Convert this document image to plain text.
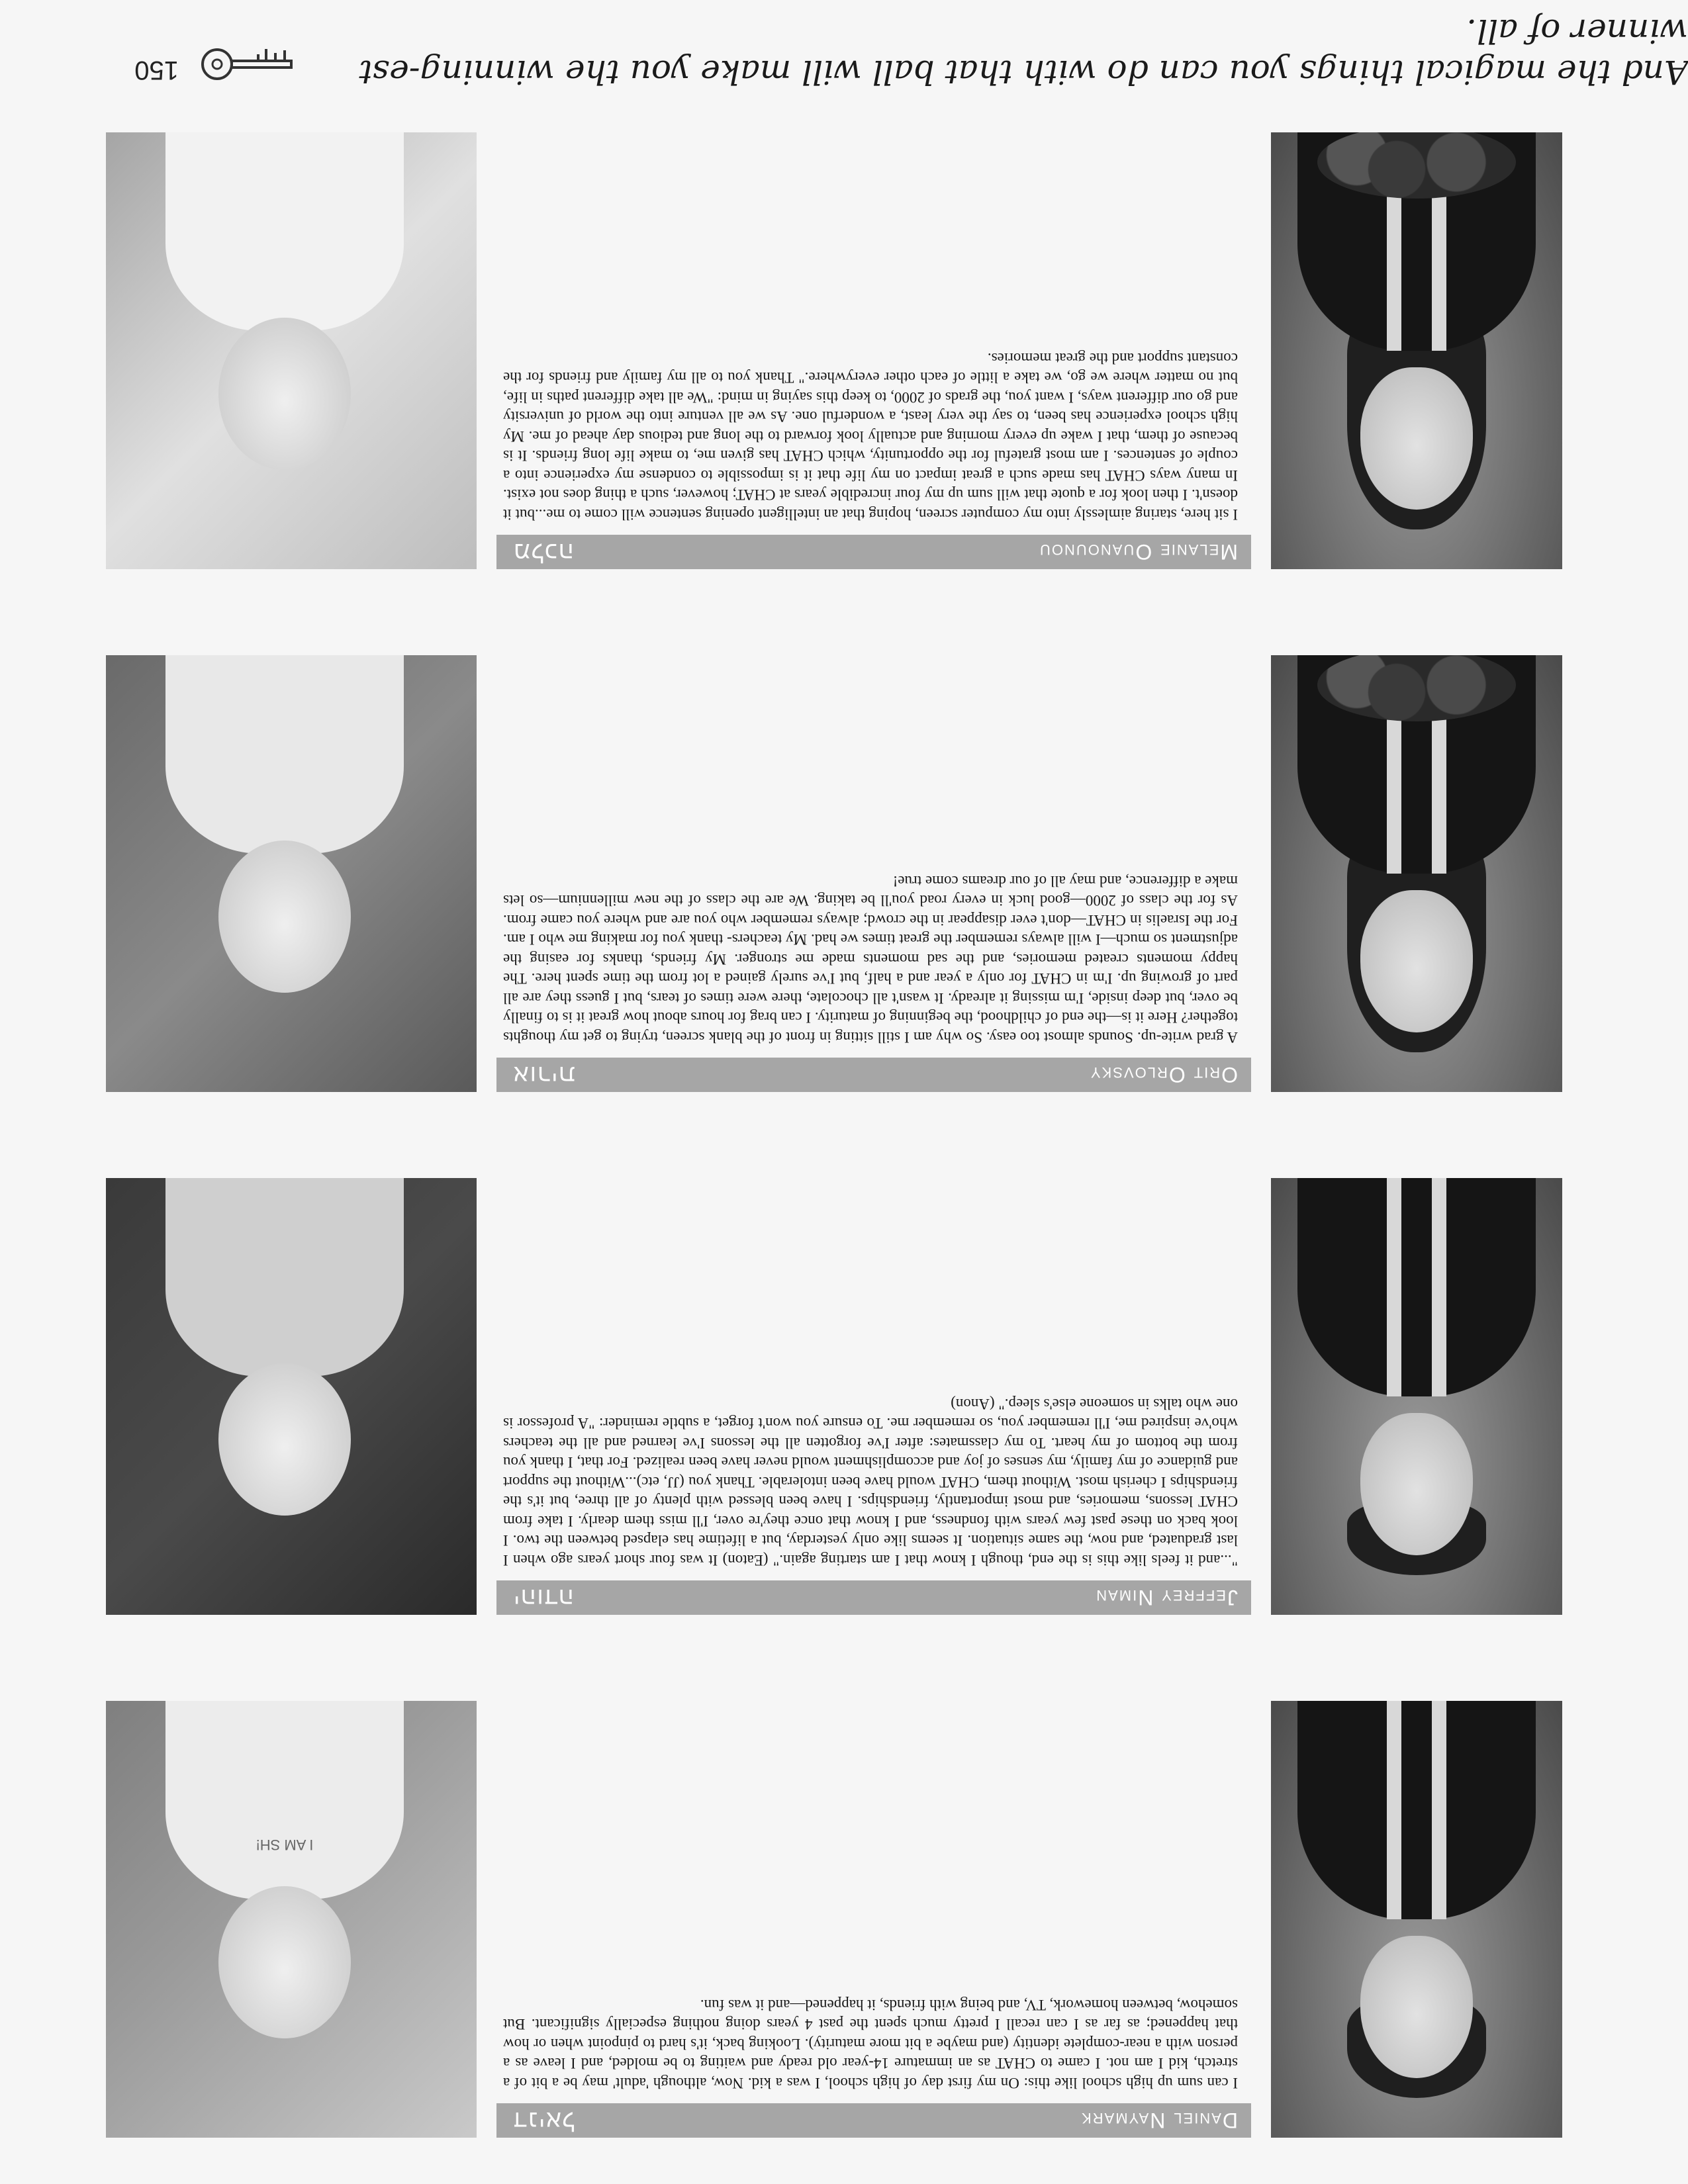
Daniel Naymark
דניאל

I can sum up high school like this: On my first day of high school, I was a kid. Now, although 'adult' may be a bit of a stretch, kid I am not. I came to CHAT as an immature 14-year old ready and waiting to be molded, and I leave as a person with a near-complete identity (and maybe a bit more maturity). Looking back, it's hard to pinpoint when or how that happened; as far as I can recall I pretty much spent the past 4 years doing nothing especially significant. But somehow, between homework, TV, and being with friends, it happened—and it was fun.

I AM SH!
Jeffrey Niman
יהודה

"...and it feels like this is the end, though I know that I am starting again." (Eaton) It was four short years ago when I last graduated, and now, the same situation. It seems like only yesterday, but a lifetime has elapsed between the two. I look back on these past few years with fondness, and I know that once they're over, I'll miss them dearly. I take from CHAT lessons, memories, and most importantly, friendships. I have been blessed with plenty of all three, but it's the friendships I cherish most. Without them, CHAT would have been intolerable. Thank you (JJ, etc)...Without the support and guidance of my family, my senses of joy and accomplishment would never have been realized. For that, I thank you from the bottom of my heart. To my classmates: after I've forgotten all the lessons I've learned and all the teachers who've inspired me, I'll remember you, so remember me. To ensure you won't forget, a subtle reminder: "A professor is one who talks in someone else's sleep." (Anon)

Orit Orlovsky
אורית

A grad write-up. Sounds almost too easy. So why am I still sitting in front of the blank screen, trying to get my thoughts together? Here it is—the end of childhood, the beginning of maturity. I can brag for hours about how great it is to finally be over, but deep inside, I'm missing it already. It wasn't all chocolate, there were times of tears, but I guess they are all part of growing up. I'm in CHAT for only a year and a half, but I've surely gained a lot from the time spent here. The happy moments created memories, and the sad moments made me stronger. My friends, thanks for easing the adjustment so much—I will always remember the great times we had. My teachers- thank you for making me who I am. For the Israelis in CHAT—don't ever disappear in the crowd; always remember who you are and where you came from. As for the class of 2000—good luck in every road you'll be taking. We are the class of the new millennium—so lets make a difference, and may all of our dreams come true!

Melanie Ouanounou
מלכה

I sit here, staring aimlessly into my computer screen, hoping that an intelligent opening sentence will come to me...but it doesn't. I then look for a quote that will sum up my four incredible years at CHAT; however, such a thing does not exist. In many ways CHAT has made such a great impact on my life that it is impossible to condense my experience into a couple of sentences. I am most grateful for the opportunity, which CHAT has given me, to make life long friends. It is because of them, that I wake up every morning and actually look forward to the long and tedious day ahead of me. My high school experience has been, to say the very least, a wonderful one. As we all venture into the world of university and go our different ways, I want you, the grads of 2000, to keep this saying in mind: "We all take different paths in life, but no matter where we go, we take a little of each other everywhere." Thank you to all my family and friends for the constant support and the great memories.

And the magical things you can do with that ball will make you the winning-est winner of all.
150
